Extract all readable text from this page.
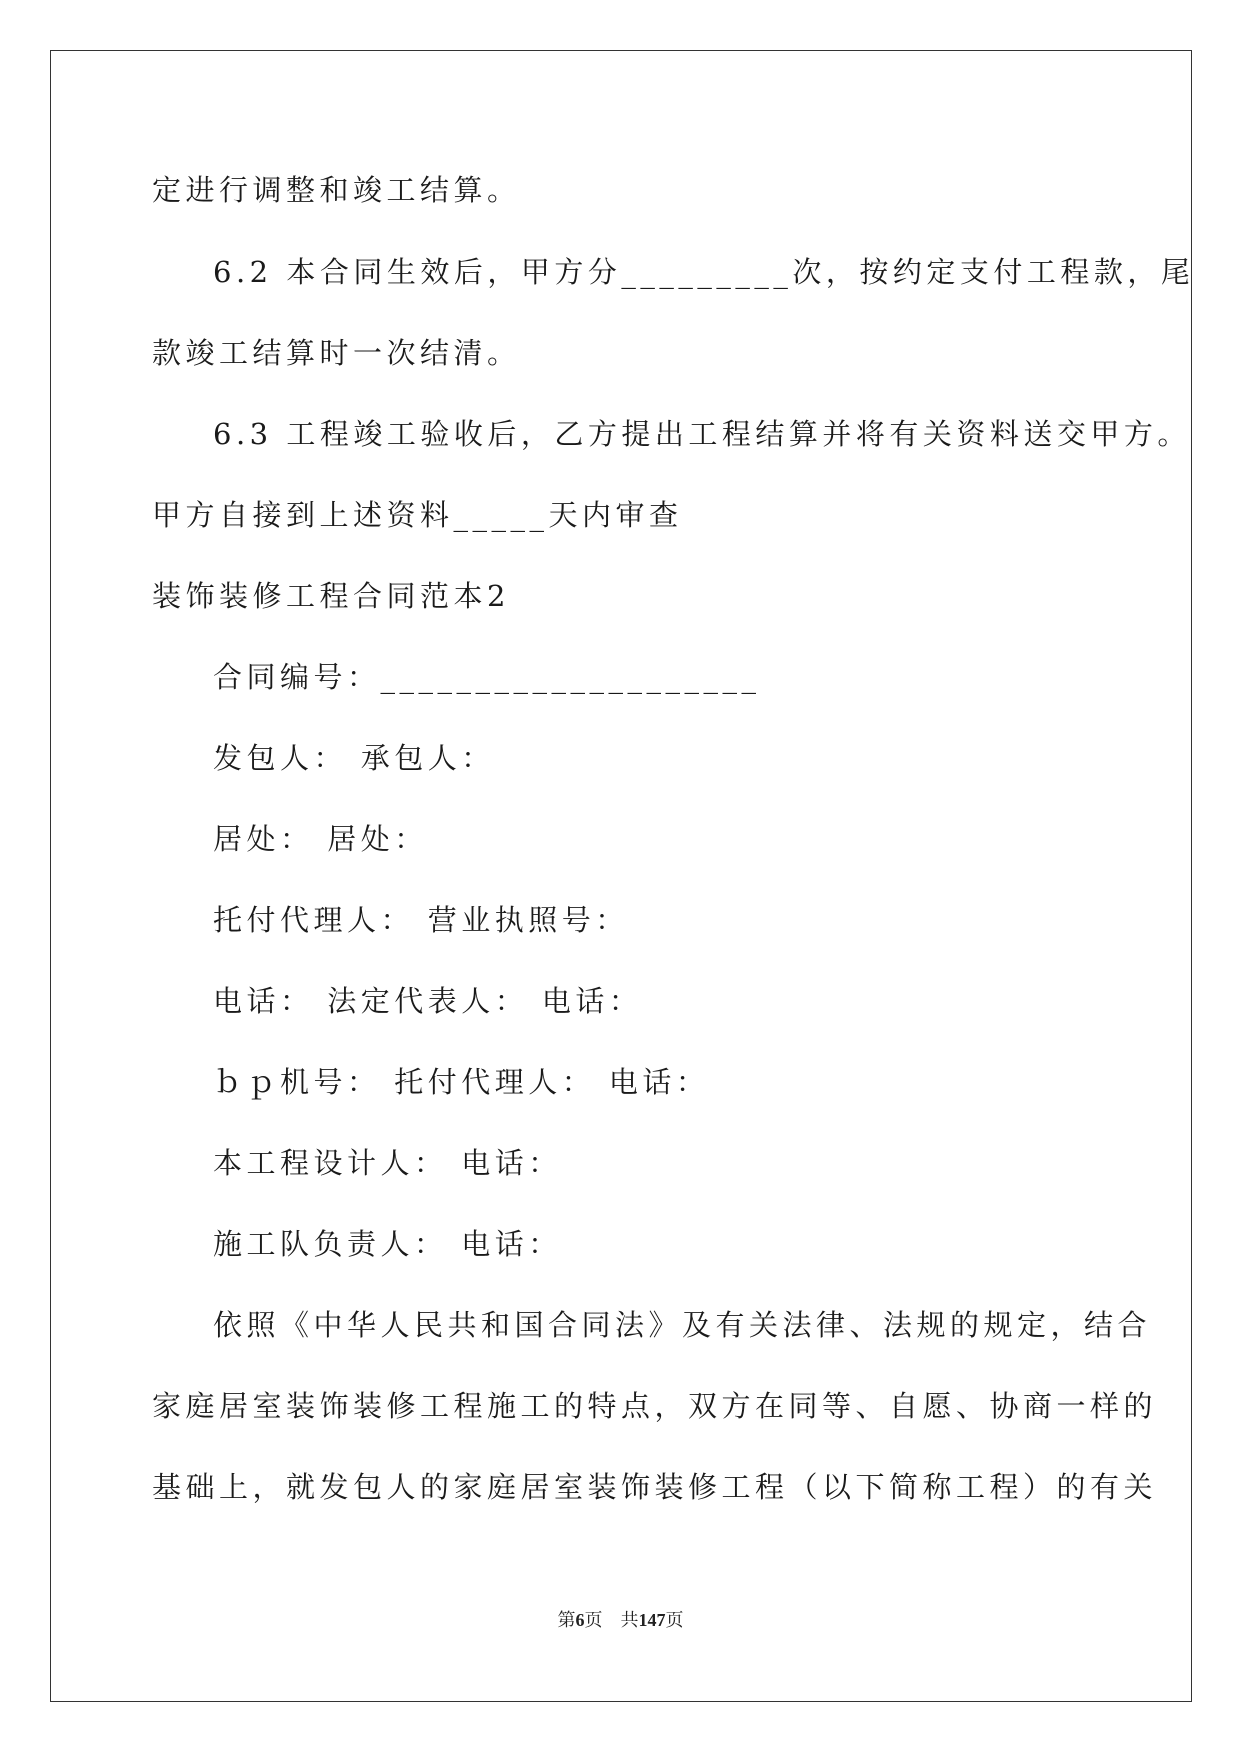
定进行调整和竣工结算。
6.2 本合同生效后，甲方分_________次，按约定支付工程款，尾
款竣工结算时一次结清。
6.3 工程竣工验收后，乙方提出工程结算并将有关资料送交甲方。
甲方自接到上述资料_____天内审查
装饰装修工程合同范本2
合同编号：____________________
发包人： 承包人：
居处： 居处：
托付代理人： 营业执照号：
电话： 法定代表人： 电话：
ｂｐ机号： 托付代理人： 电话：
本工程设计人： 电话：
施工队负责人： 电话：
依照《中华人民共和国合同法》及有关法律、法规的规定，结合
家庭居室装饰装修工程施工的特点，双方在同等、自愿、协商一样的
基础上，就发包人的家庭居室装饰装修工程（以下简称工程）的有关
第6页 共147页
